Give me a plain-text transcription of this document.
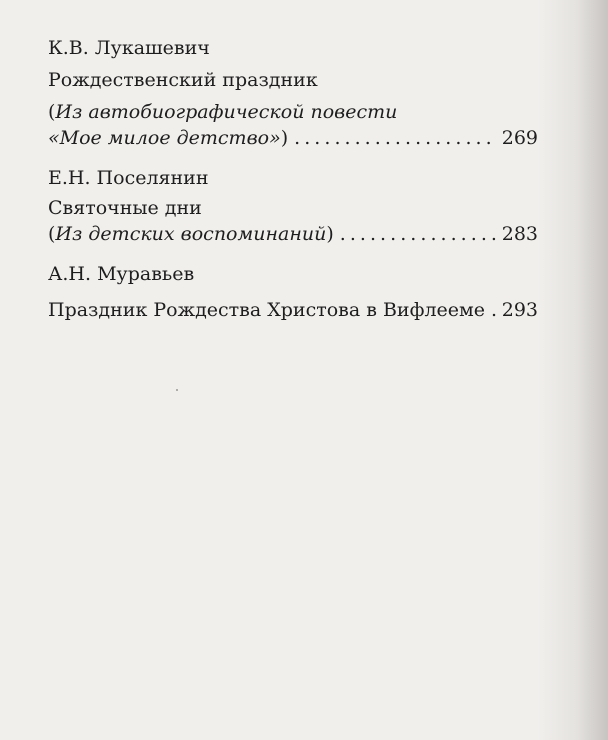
К.В. Лукашевич
Рождественский праздник
(Из автобиографической повести
«Мое милое детство») . . .	269
Е.Н. Поселянин
Святочные дни
(Из детских воспоминаний) . . .	283
А.Н. Муравьев
Праздник Рождества Христова в Вифлееме . . . 293
